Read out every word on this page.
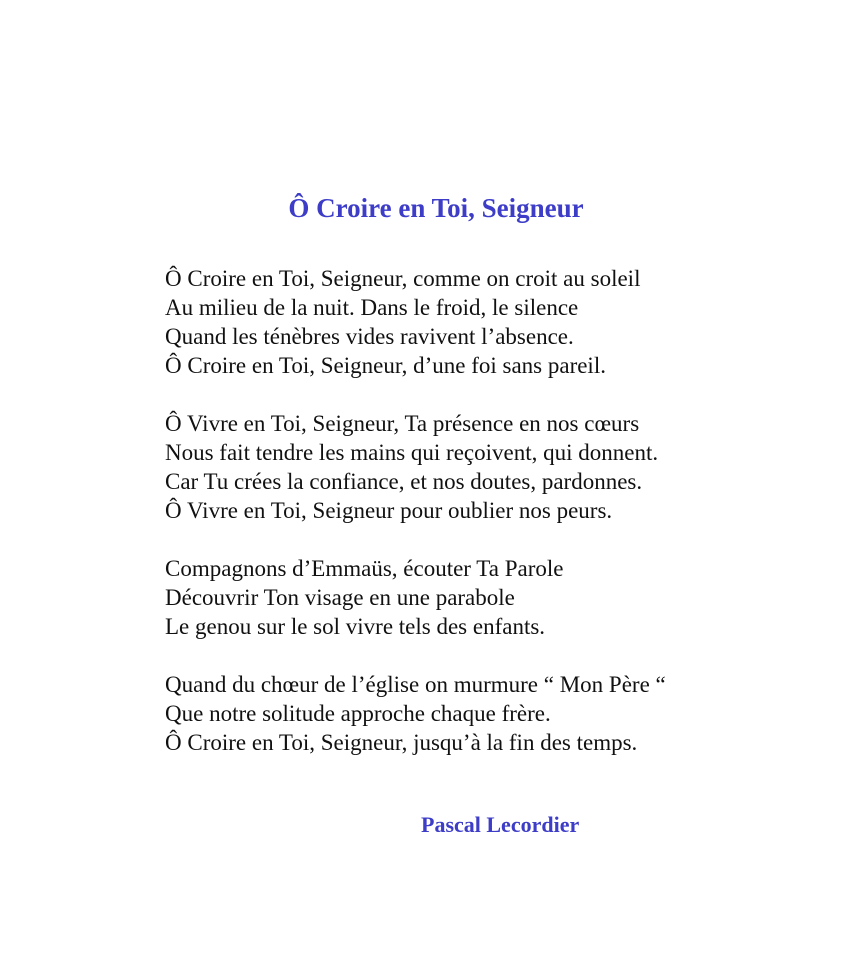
Ô Croire en Toi, Seigneur
Ô Croire en Toi, Seigneur, comme on croit au soleil
Au milieu de la nuit. Dans le froid, le silence
Quand les ténèbres vides ravivent l’absence.
Ô Croire en Toi, Seigneur, d’une foi sans pareil.
Ô Vivre en Toi, Seigneur, Ta présence en nos cœurs
Nous fait tendre les mains qui reçoivent, qui donnent.
Car Tu crées la confiance, et nos doutes, pardonnes.
Ô Vivre en Toi, Seigneur pour oublier nos peurs.
Compagnons d’Emmaüs, écouter Ta Parole
Découvrir Ton visage en une parabole
Le genou sur le sol vivre tels des enfants.
Quand du chœur de l’église on murmure “ Mon Père “
Que notre solitude approche chaque frère.
Ô Croire en Toi, Seigneur, jusqu’à la fin des temps.
Pascal Lecordier
